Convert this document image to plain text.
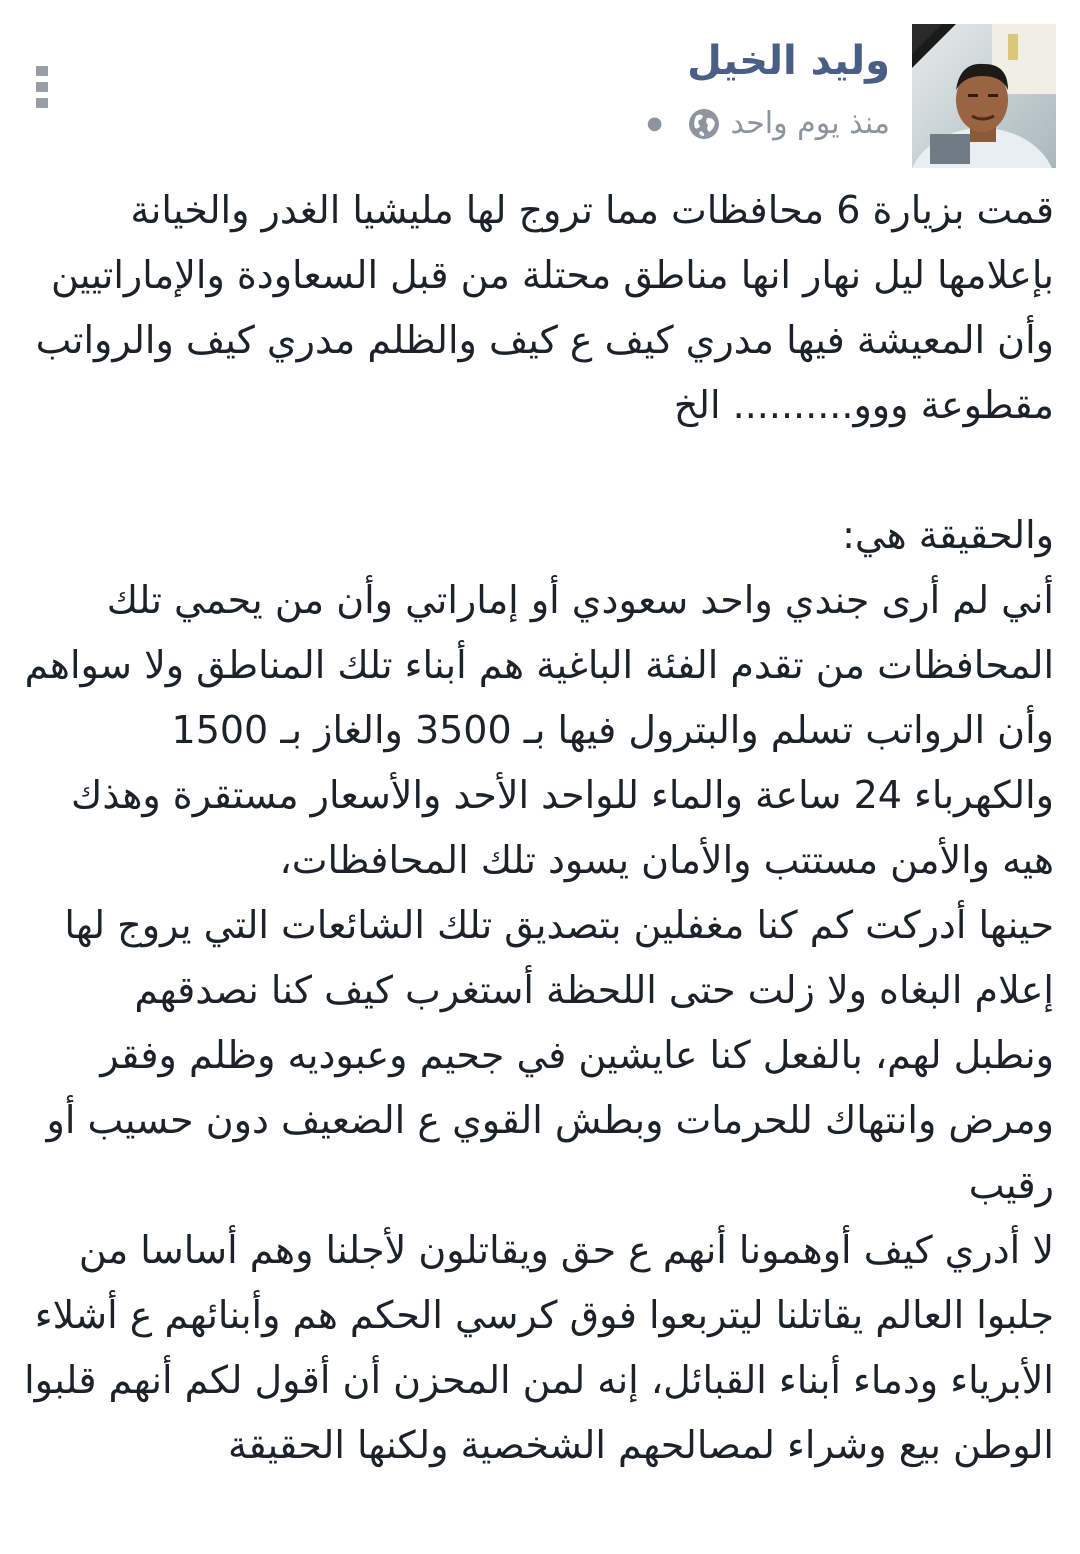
وليد الخيل
منذ يوم واحد
●

قمت بزيارة 6 محافظات مما تروج لها مليشيا الغدر والخيانة بإعلامها ليل نهار انها مناطق محتلة من قبل السعاودة والإماراتيين وأن المعيشة فيها مدري كيف ع كيف والظلم مدري كيف والرواتب مقطوعة ووو.......... الخ

والحقيقة هي:

أني لم أرى جندي واحد سعودي أو إماراتي وأن من يحمي تلك المحافظات من تقدم الفئة الباغية هم أبناء تلك المناطق ولا سواهم وأن الرواتب تسلم والبترول فيها بـ 3500 والغاز بـ 1500 والكهرباء 24 ساعة والماء للواحد الأحد والأسعار مستقرة وهذك هيه والأمن مستتب والأمان يسود تلك المحافظات،

حينها أدركت كم كنا مغفلين بتصديق تلك الشائعات التي يروج لها إعلام البغاه ولا زلت حتى اللحظة أستغرب كيف كنا نصدقهم ونطبل لهم، بالفعل كنا عايشين في جحيم وعبوديه وظلم وفقر ومرض وانتهاك للحرمات وبطش القوي ع الضعيف دون حسيب أو رقيب

لا أدري كيف أوهمونا أنهم ع حق ويقاتلون لأجلنا وهم أساسا من جلبوا العالم يقاتلنا ليتربعوا فوق كرسي الحكم هم وأبنائهم ع أشلاء الأبرياء ودماء أبناء القبائل، إنه لمن المحزن أن أقول لكم أنهم قلبوا الوطن بيع وشراء لمصالحهم الشخصية ولكنها الحقيقة
